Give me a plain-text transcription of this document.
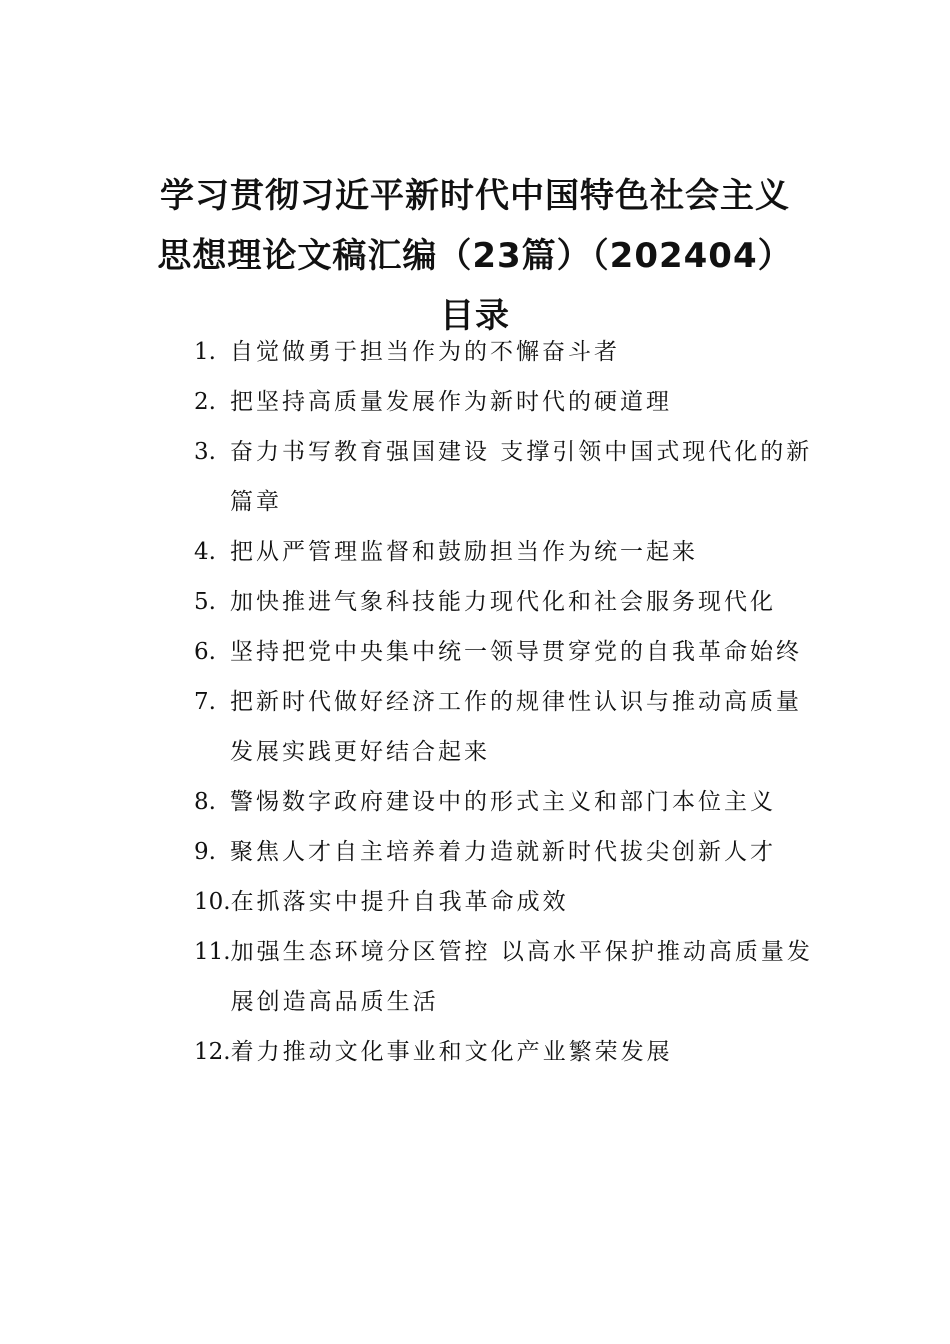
学习贯彻习近平新时代中国特色社会主义
思想理论文稿汇编（23篇）（202404）
目录
1. 自觉做勇于担当作为的不懈奋斗者
2. 把坚持高质量发展作为新时代的硬道理
3. 奋力书写教育强国建设 支撑引领中国式现代化的新篇章
4. 把从严管理监督和鼓励担当作为统一起来
5. 加快推进气象科技能力现代化和社会服务现代化
6. 坚持把党中央集中统一领导贯穿党的自我革命始终
7. 把新时代做好经济工作的规律性认识与推动高质量发展实践更好结合起来
8. 警惕数字政府建设中的形式主义和部门本位主义
9. 聚焦人才自主培养着力造就新时代拔尖创新人才
10. 在抓落实中提升自我革命成效
11. 加强生态环境分区管控 以高水平保护推动高质量发展创造高品质生活
12. 着力推动文化事业和文化产业繁荣发展
